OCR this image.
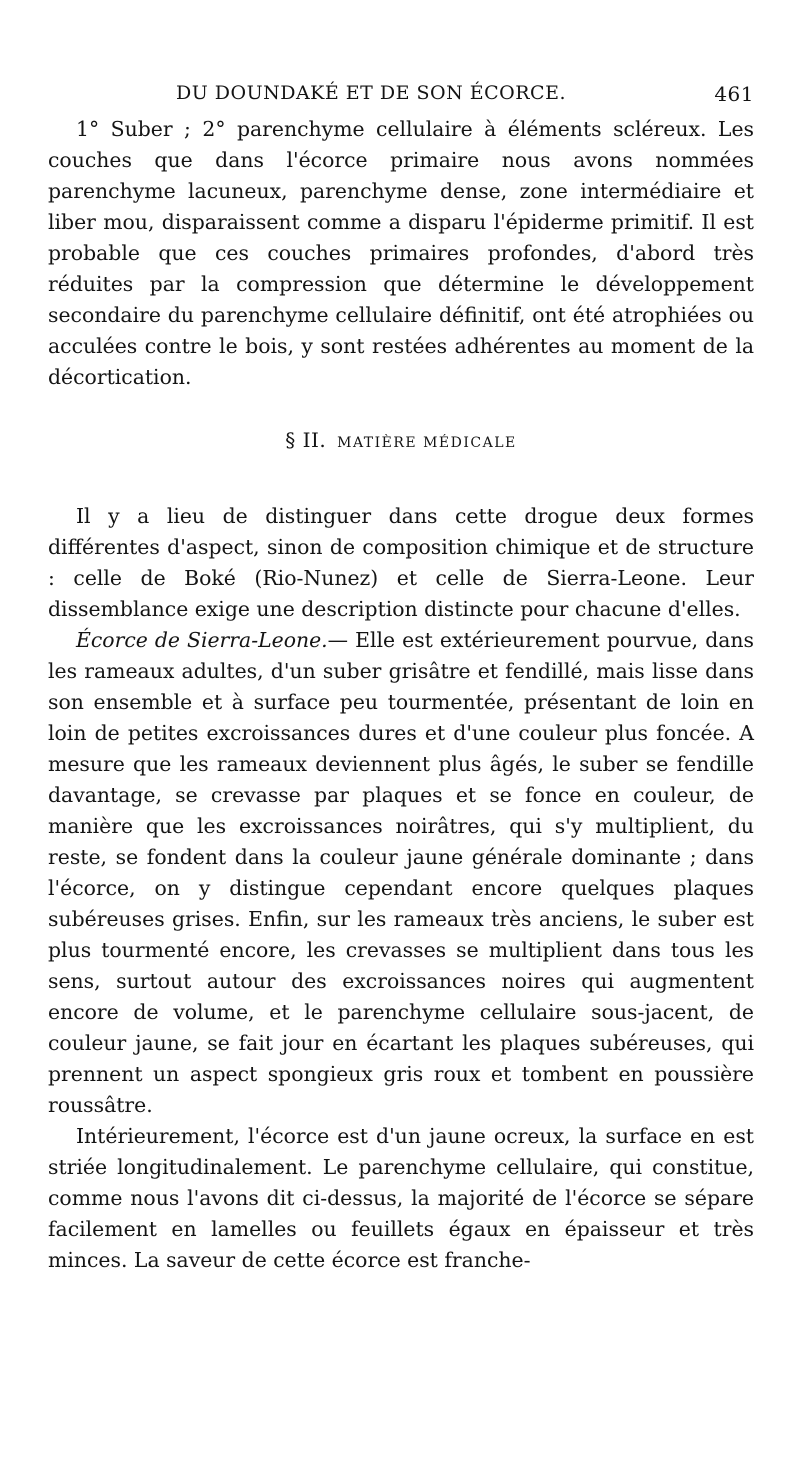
DU DOUNDAKÉ ET DE SON ÉCORCE.	461

1° Suber ; 2° parenchyme cellulaire à éléments scléreux. Les couches que dans l'écorce primaire nous avons nommées parenchyme lacuneux, parenchyme dense, zone intermédiaire et liber mou, disparaissent comme a disparu l'épiderme primitif. Il est probable que ces couches primaires profondes, d'abord très réduites par la compression que détermine le développement secondaire du parenchyme cellulaire définitif, ont été atrophiées ou acculées contre le bois, y sont restées adhérentes au moment de la décortication.

§ II. MATIÈRE MÉDICALE

Il y a lieu de distinguer dans cette drogue deux formes différentes d'aspect, sinon de composition chimique et de structure : celle de Boké (Rio-Nunez) et celle de Sierra-Leone. Leur dissemblance exige une description distincte pour chacune d'elles.

Écorce de Sierra-Leone.— Elle est extérieurement pourvue, dans les rameaux adultes, d'un suber grisâtre et fendillé, mais lisse dans son ensemble et à surface peu tourmentée, présentant de loin en loin de petites excroissances dures et d'une couleur plus foncée. A mesure que les rameaux deviennent plus âgés, le suber se fendille davantage, se crevasse par plaques et se fonce en couleur, de manière que les excroissances noirâtres, qui s'y multiplient, du reste, se fondent dans la couleur jaune générale dominante ; dans l'écorce, on y distingue cependant encore quelques plaques subéreuses grises. Enfin, sur les rameaux très anciens, le suber est plus tourmenté encore, les crevasses se multiplient dans tous les sens, surtout autour des excroissances noires qui augmentent encore de volume, et le parenchyme cellulaire sous-jacent, de couleur jaune, se fait jour en écartant les plaques subéreuses, qui prennent un aspect spongieux gris roux et tombent en poussière roussâtre.

Intérieurement, l'écorce est d'un jaune ocreux, la surface en est striée longitudinalement. Le parenchyme cellulaire, qui constitue, comme nous l'avons dit ci-dessus, la majorité de l'écorce se sépare facilement en lamelles ou feuillets égaux en épaisseur et très minces. La saveur de cette écorce est franche-
